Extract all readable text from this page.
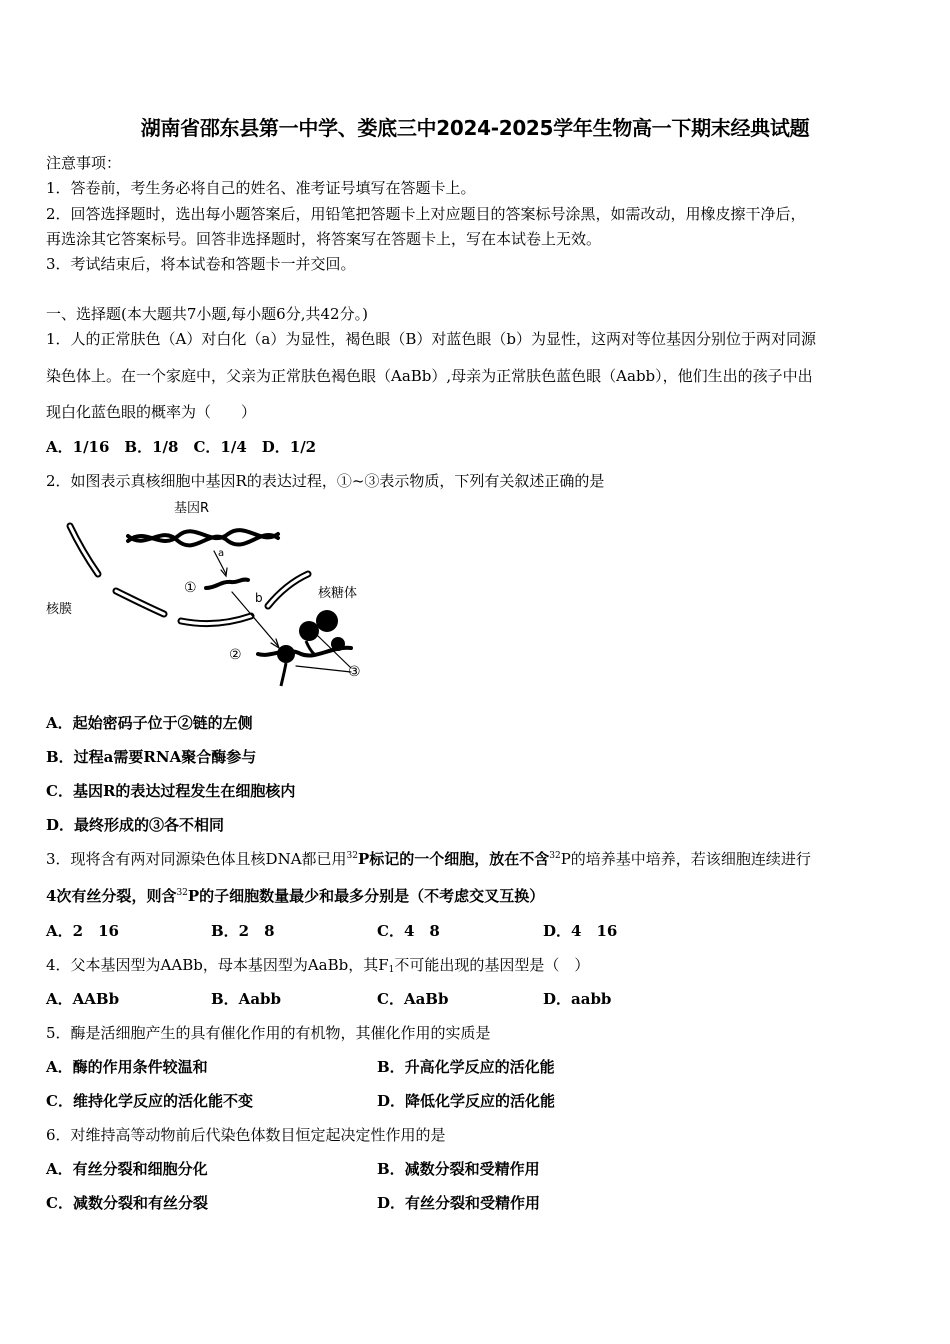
湖南省邵东县第一中学、娄底三中2024-2025学年生物高一下期末经典试题
注意事项：
1．答卷前，考生务必将自己的姓名、准考证号填写在答题卡上。
2．回答选择题时，选出每小题答案后，用铅笔把答题卡上对应题目的答案标号涂黑，如需改动，用橡皮擦干净后，
再选涂其它答案标号。回答非选择题时，将答案写在答题卡上，写在本试卷上无效。
3．考试结束后，将本试卷和答题卡一并交回。
一、选择题(本大题共7小题,每小题6分,共42分。)
1．人的正常肤色（A）对白化（a）为显性，褐色眼（B）对蓝色眼（b）为显性，这两对等位基因分别位于两对同源
染色体上。在一个家庭中，父亲为正常肤色褐色眼（AaBb）,母亲为正常肤色蓝色眼（Aabb），他们生出的孩子中出
现白化蓝色眼的概率为（　　）
A．1/16　B．1/8　C．1/4　D．1/2
2．如图表示真核细胞中基因R的表达过程，①~③表示物质，下列有关叙述正确的是
基因R
a
①
b
核膜
核糖体
②
③
A．起始密码子位于②链的左侧
B．过程a需要RNA聚合酶参与
C．基因R的表达过程发生在细胞核内
D．最终形成的③各不相同
3．现将含有两对同源染色体且核DNA都已用$^{32}$P标记的一个细胞，放在不含$^{32}$P的培养基中培养，若该细胞连续进行
4次有丝分裂，则含$^{32}$P的子细胞数量最少和最多分别是（不考虑交叉互换）
A．2　16	B．2　8	C．4　8	D．4　16
4．父本基因型为AABb，母本基因型为AaBb，其$F_1$不可能出现的基因型是（　）
A．AABb	B．Aabb	C．AaBb	D．aabb
5．酶是活细胞产生的具有催化作用的有机物，其催化作用的实质是
A．酶的作用条件较温和	B．升高化学反应的活化能
C．维持化学反应的活化能不变	D．降低化学反应的活化能
6．对维持高等动物前后代染色体数目恒定起决定性作用的是
A．有丝分裂和细胞分化	B．减数分裂和受精作用
C．减数分裂和有丝分裂	D．有丝分裂和受精作用
